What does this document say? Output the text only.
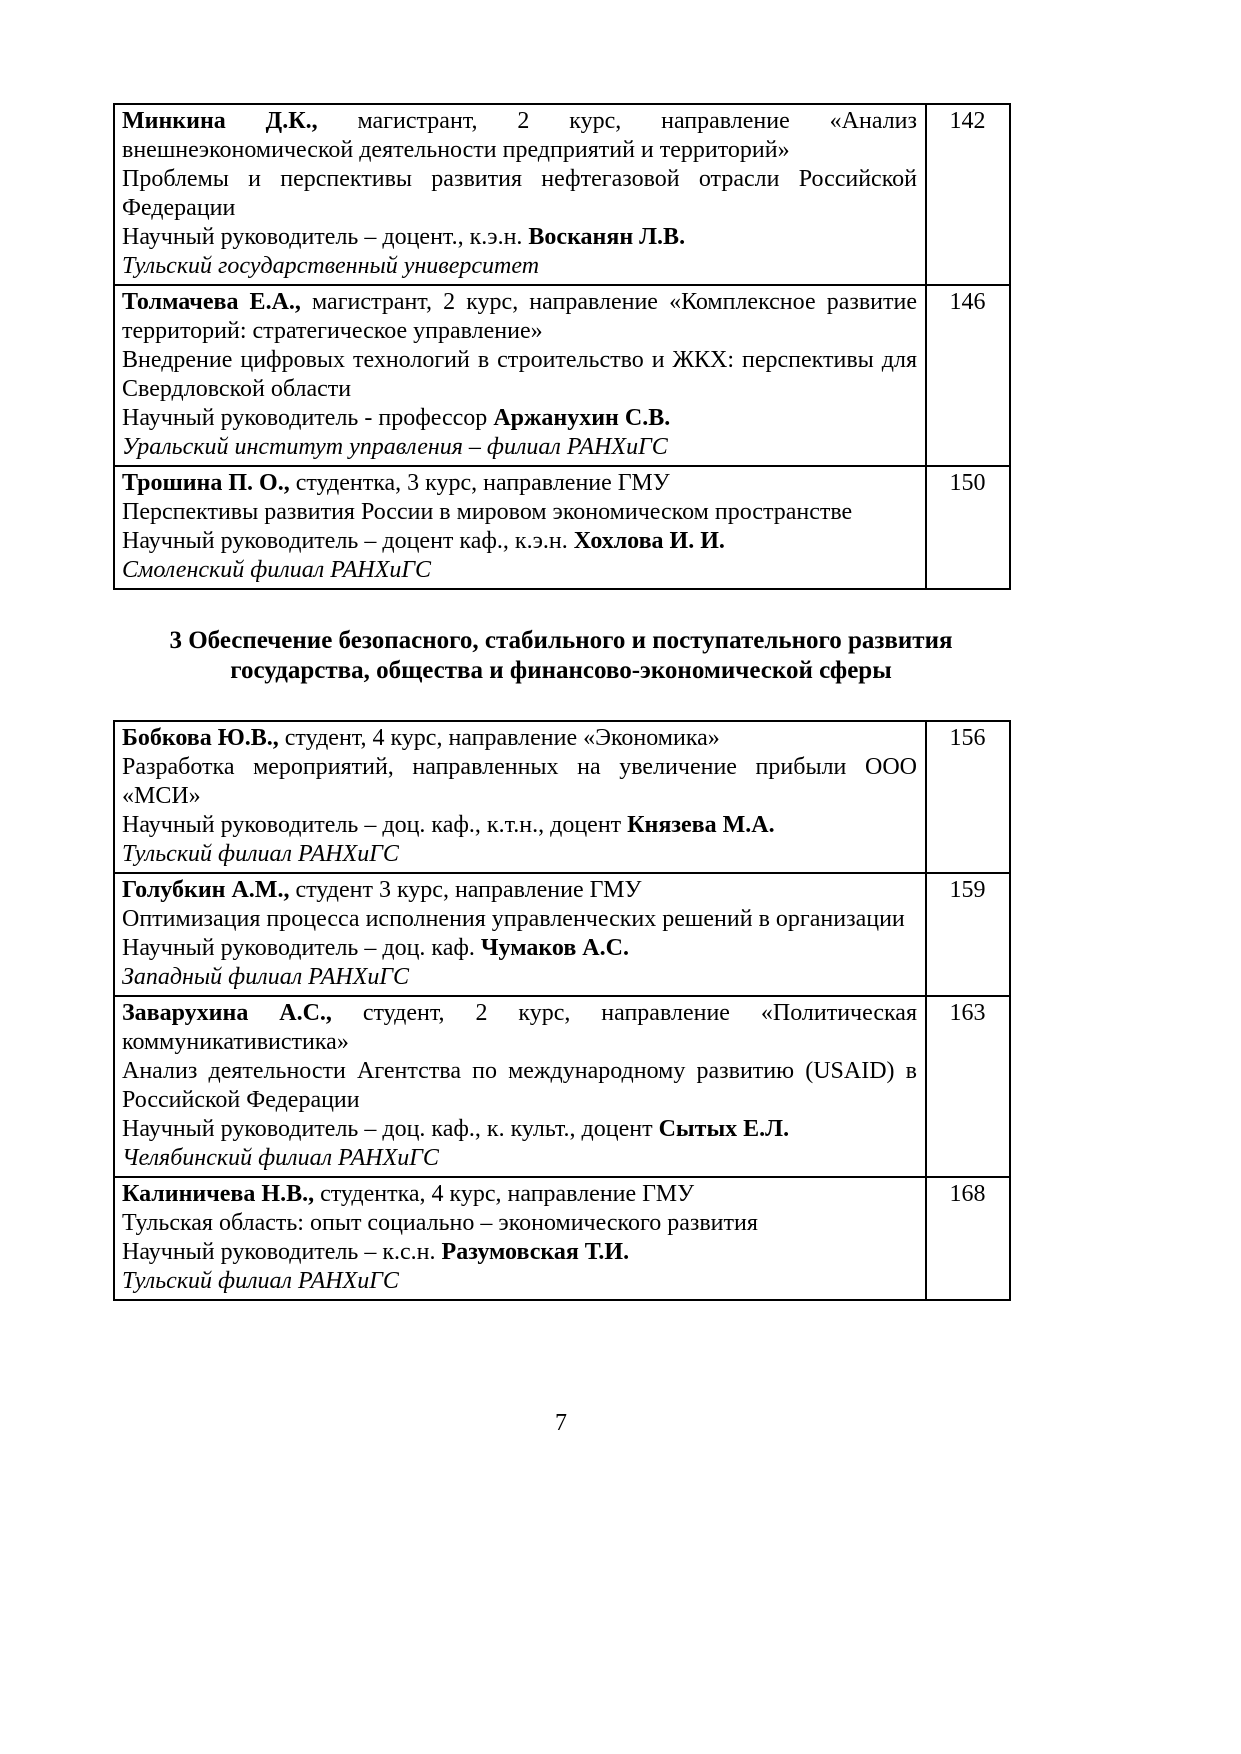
Минкина Д.К., магистрант, 2 курс, направление «Анализ внешнеэкономической деятельности предприятий и территорий»

Проблемы и перспективы развития нефтегазовой отрасли Российской Федерации

Научный руководитель – доцент., к.э.н. Восканян Л.В.

Тульский государственный университет	142

Толмачева Е.А., магистрант, 2 курс, направление «Комплексное развитие территорий: стратегическое управление»

Внедрение цифровых технологий в строительство и ЖКХ: перспективы для Свердловской области

Научный руководитель - профессор Аржанухин С.В.

Уральский институт управления – филиал РАНХиГС	146

Трошина П. О., студентка, 3 курс, направление ГМУ

Перспективы развития России в мировом экономическом пространстве

Научный руководитель – доцент каф., к.э.н. Хохлова И. И.

Смоленский филиал РАНХиГС	150
3 Обеспечение безопасного, стабильного и поступательного развития государства, общества и финансово-экономической сферы

Бобкова Ю.В., студент, 4 курс, направление «Экономика»

Разработка мероприятий, направленных на увеличение прибыли ООО «МСИ»

Научный руководитель – доц. каф., к.т.н., доцент Князева М.А.

Тульский филиал РАНХиГС	156

Голубкин А.М., студент 3 курс, направление ГМУ

Оптимизация процесса исполнения управленческих решений в организации

Научный руководитель – доц. каф. Чумаков А.С.

Западный филиал РАНХиГС	159

Заварухина А.С., студент, 2 курс, направление «Политическая коммуникативистика»

Анализ деятельности Агентства по международному развитию (USAID) в Российской Федерации

Научный руководитель – доц. каф., к. культ., доцент Сытых Е.Л.

Челябинский филиал РАНХиГС	163

Калиничева Н.В., студентка, 4 курс, направление ГМУ

Тульская область: опыт социально – экономического развития

Научный руководитель – к.с.н. Разумовская Т.И.

Тульский филиал РАНХиГС	168
7
